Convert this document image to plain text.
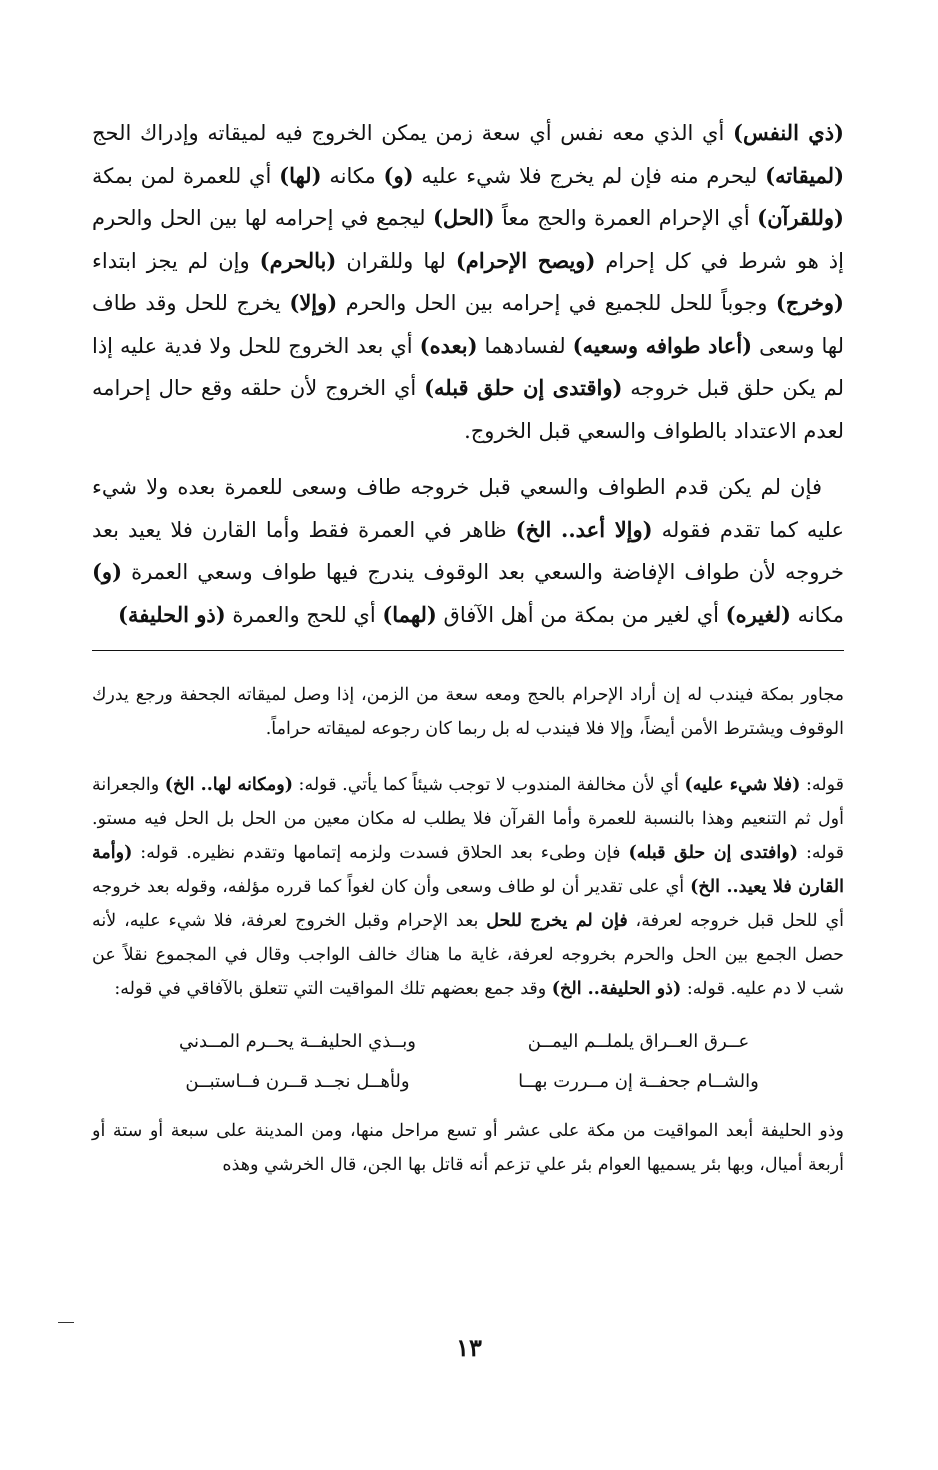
(ذي النفس) أي الذي معه نفس أي سعة زمن يمكن الخروج فيه لميقاته وإدراك الحج (لميقاته) ليحرم منه فإن لم يخرج فلا شيء عليه (و) مكانه (لها) أي للعمرة لمن بمكة (وللقرآن) أي الإحرام العمرة والحج معاً (الحل) ليجمع في إحرامه لها بين الحل والحرم إذ هو شرط في كل إحرام (ويصح الإحرام) لها وللقران (بالحرم) وإن لم يجز ابتداء (وخرج) وجوباً للحل للجميع في إحرامه بين الحل والحرم (وإلا) يخرج للحل وقد طاف لها وسعى (أعاد طوافه وسعيه) لفسادهما (بعده) أي بعد الخروج للحل ولا فدية عليه إذا لم يكن حلق قبل خروجه (واقتدى إن حلق قبله) أي الخروج لأن حلقه وقع حال إحرامه لعدم الاعتداد بالطواف والسعي قبل الخروج.

فإن لم يكن قدم الطواف والسعي قبل خروجه طاف وسعى للعمرة بعده ولا شيء عليه كما تقدم فقوله (وإلا أعد.. الخ) ظاهر في العمرة فقط وأما القارن فلا يعيد بعد خروجه لأن طواف الإفاضة والسعي بعد الوقوف يندرج فيها طواف وسعي العمرة (و) مكانه (لغيره) أي لغير من بمكة من أهل الآفاق (لهما) أي للحج والعمرة (ذو الحليفة)

مجاور بمكة فيندب له إن أراد الإحرام بالحج ومعه سعة من الزمن، إذا وصل لميقاته الجحفة ورجع يدرك الوقوف ويشترط الأمن أيضاً، وإلا فلا فيندب له بل ربما كان رجوعه لميقاته حراماً.

قوله: (فلا شيء عليه) أي لأن مخالفة المندوب لا توجب شيئاً كما يأتي. قوله: (ومكانه لها.. الخ) والجعرانة أول ثم التنعيم وهذا بالنسبة للعمرة وأما القرآن فلا يطلب له مكان معين من الحل بل الحل فيه مستو. قوله: (وافتدى إن حلق قبله) فإن وطىء بعد الحلاق فسدت ولزمه إتمامها وتقدم نظيره. قوله: (وأمة القارن فلا يعيد.. الخ) أي على تقدير أن لو طاف وسعى وأن كان لغواً كما قرره مؤلفه، وقوله بعد خروجه أي للحل قبل خروجه لعرفة، فإن لم يخرج للحل بعد الإحرام وقبل الخروج لعرفة، فلا شيء عليه، لأنه حصل الجمع بين الحل والحرم بخروجه لعرفة، غاية ما هناك خالف الواجب وقال في المجموع نقلاً عن شب لا دم عليه. قوله: (ذو الحليفة.. الخ) وقد جمع بعضهم تلك المواقيت التي تتعلق بالآفاقي في قوله:

عــرق العــراق يلملــم اليمــن
وبــذي الحليفــة يحــرم المــدني
والشــام جحفــة إن مــررت بهــا
ولأهــل نجــد قــرن فــاستبــن

وذو الحليفة أبعد المواقيت من مكة على عشر أو تسع مراحل منها، ومن المدينة على سبعة أو ستة أو أربعة أميال، وبها بئر يسميها العوام بئر علي تزعم أنه قاتل بها الجن، قال الخرشي وهذه

١٣
